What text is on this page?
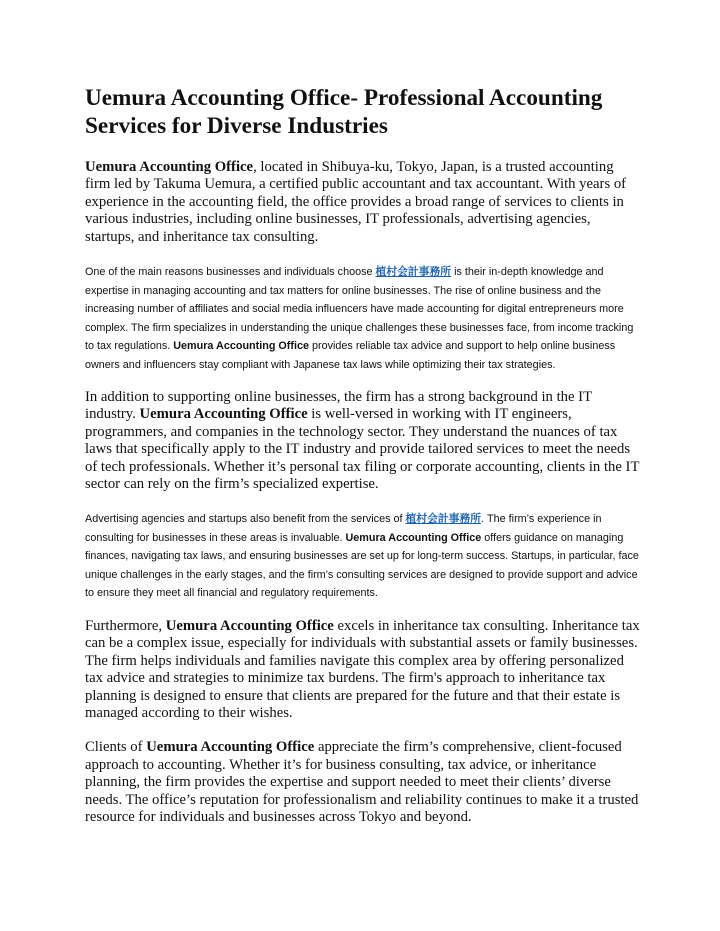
Uemura Accounting Office- Professional Accounting Services for Diverse Industries

Uemura Accounting Office, located in Shibuya-ku, Tokyo, Japan, is a trusted accounting firm led by Takuma Uemura, a certified public accountant and tax accountant. With years of experience in the accounting field, the office provides a broad range of services to clients in various industries, including online businesses, IT professionals, advertising agencies, startups, and inheritance tax consulting.

One of the main reasons businesses and individuals choose 植村会計事務所 is their in-depth knowledge and expertise in managing accounting and tax matters for online businesses. The rise of online business and the increasing number of affiliates and social media influencers have made accounting for digital entrepreneurs more complex. The firm specializes in understanding the unique challenges these businesses face, from income tracking to tax regulations. Uemura Accounting Office provides reliable tax advice and support to help online business owners and influencers stay compliant with Japanese tax laws while optimizing their tax strategies.

In addition to supporting online businesses, the firm has a strong background in the IT industry. Uemura Accounting Office is well-versed in working with IT engineers, programmers, and companies in the technology sector. They understand the nuances of tax laws that specifically apply to the IT industry and provide tailored services to meet the needs of tech professionals. Whether it’s personal tax filing or corporate accounting, clients in the IT sector can rely on the firm’s specialized expertise.

Advertising agencies and startups also benefit from the services of 植村会計事務所. The firm’s experience in consulting for businesses in these areas is invaluable. Uemura Accounting Office offers guidance on managing finances, navigating tax laws, and ensuring businesses are set up for long-term success. Startups, in particular, face unique challenges in the early stages, and the firm’s consulting services are designed to provide support and advice to ensure they meet all financial and regulatory requirements.

Furthermore, Uemura Accounting Office excels in inheritance tax consulting. Inheritance tax can be a complex issue, especially for individuals with substantial assets or family businesses. The firm helps individuals and families navigate this complex area by offering personalized tax advice and strategies to minimize tax burdens. The firm's approach to inheritance tax planning is designed to ensure that clients are prepared for the future and that their estate is managed according to their wishes.

Clients of Uemura Accounting Office appreciate the firm’s comprehensive, client-focused approach to accounting. Whether it’s for business consulting, tax advice, or inheritance planning, the firm provides the expertise and support needed to meet their clients’ diverse needs. The office’s reputation for professionalism and reliability continues to make it a trusted resource for individuals and businesses across Tokyo and beyond.
